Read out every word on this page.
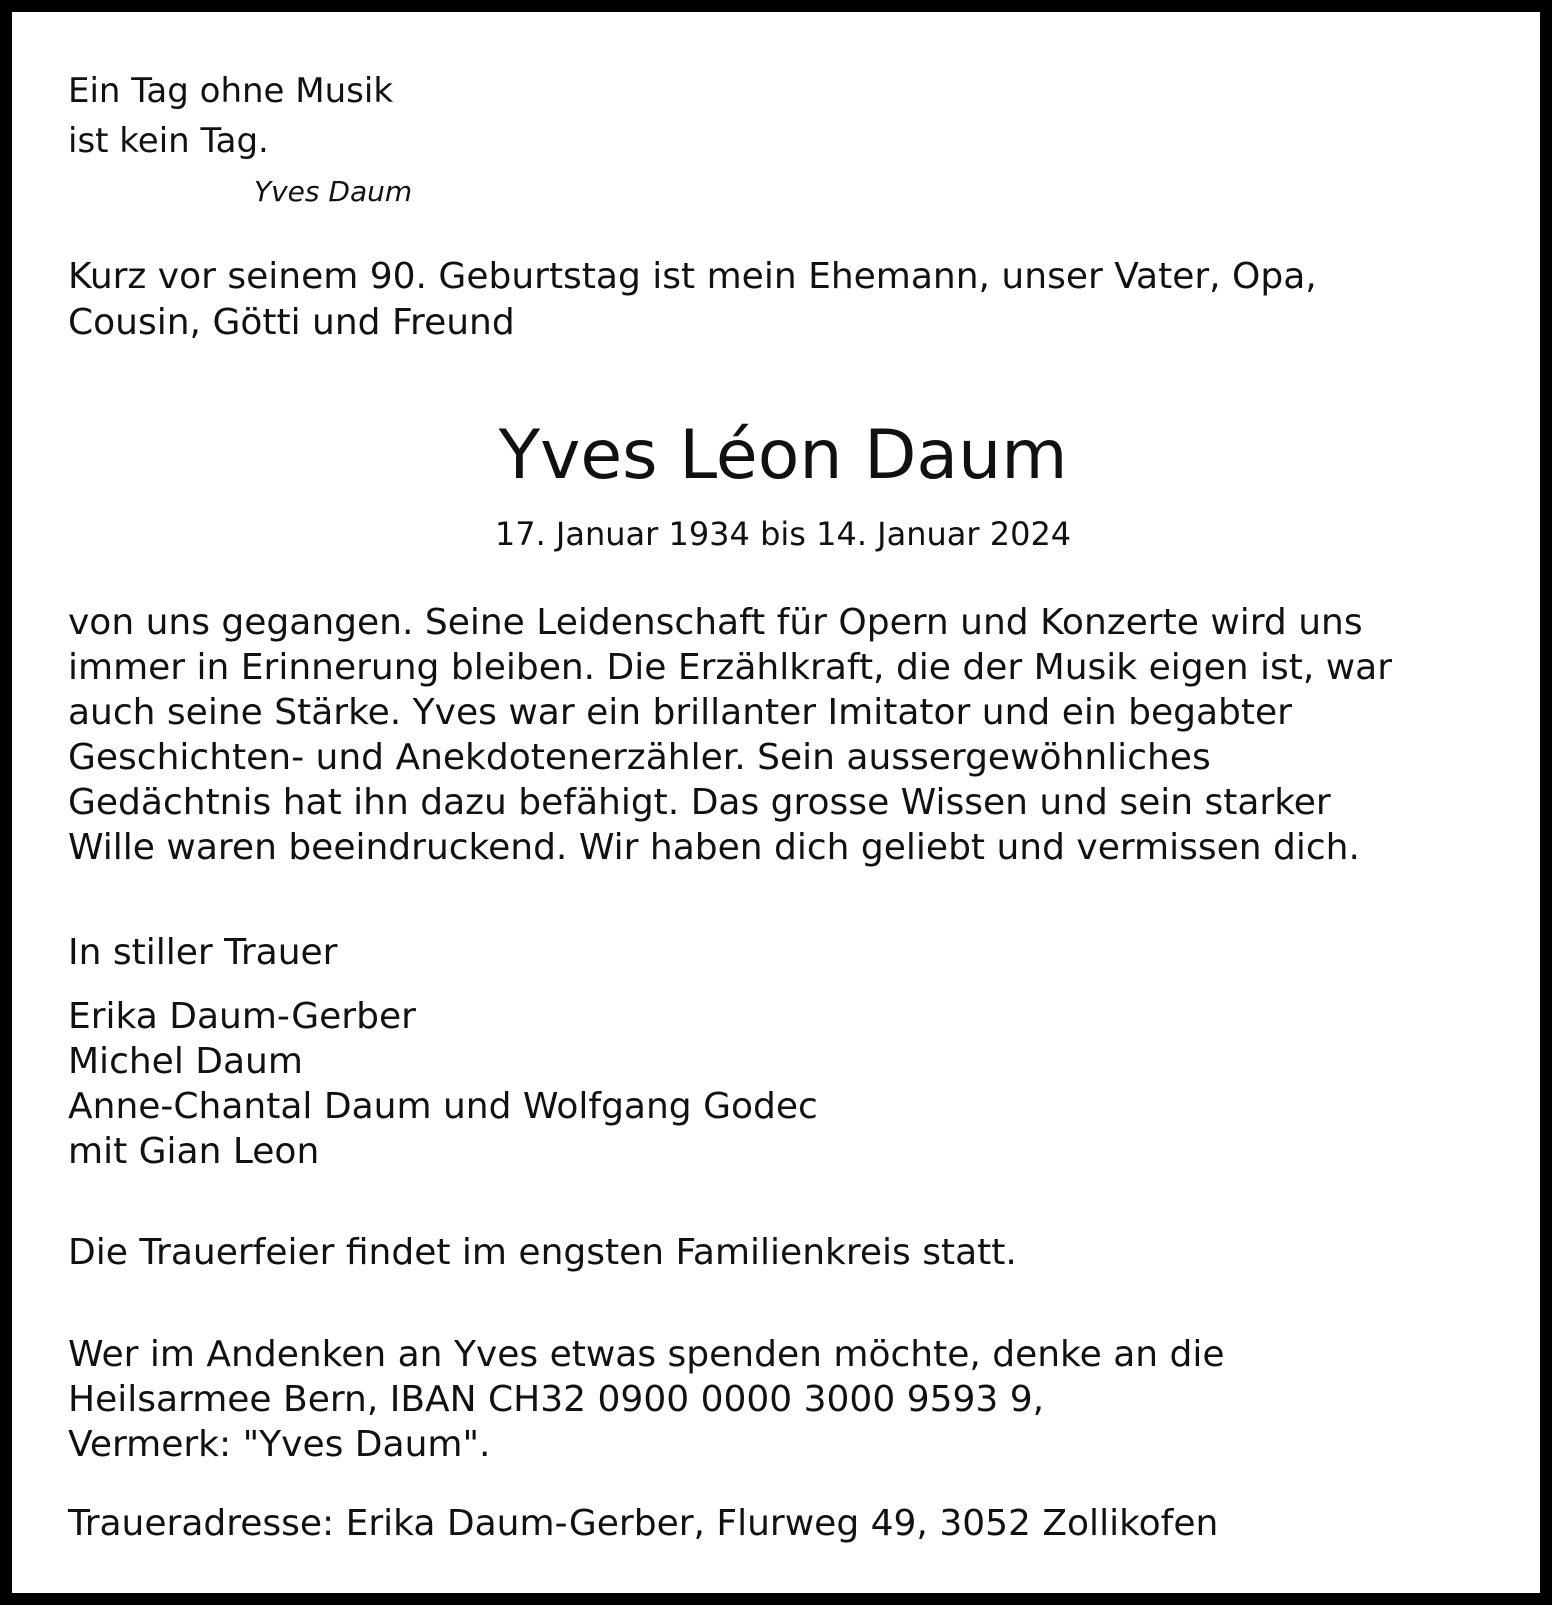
Ein Tag ohne Musik
ist kein Tag.

Yves Daum

Kurz vor seinem 90. Geburtstag ist mein Ehemann, unser Vater, Opa,
Cousin, Götti und Freund

Yves Léon Daum

17. Januar 1934 bis 14. Januar 2024

von uns gegangen. Seine Leidenschaft für Opern und Konzerte wird uns
immer in Erinnerung bleiben. Die Erzählkraft, die der Musik eigen ist, war
auch seine Stärke. Yves war ein brillanter Imitator und ein begabter
Geschichten- und Anekdotenerzähler. Sein aussergewöhnliches
Gedächtnis hat ihn dazu befähigt. Das grosse Wissen und sein starker
Wille waren beeindruckend. Wir haben dich geliebt und vermissen dich.

In stiller Trauer

Erika Daum-Gerber
Michel Daum
Anne-Chantal Daum und Wolfgang Godec
mit Gian Leon

Die Trauerfeier findet im engsten Familienkreis statt.

Wer im Andenken an Yves etwas spenden möchte, denke an die
Heilsarmee Bern, IBAN CH32 0900 0000 3000 9593 9,
Vermerk: "Yves Daum".

Traueradresse: Erika Daum-Gerber, Flurweg 49, 3052 Zollikofen
